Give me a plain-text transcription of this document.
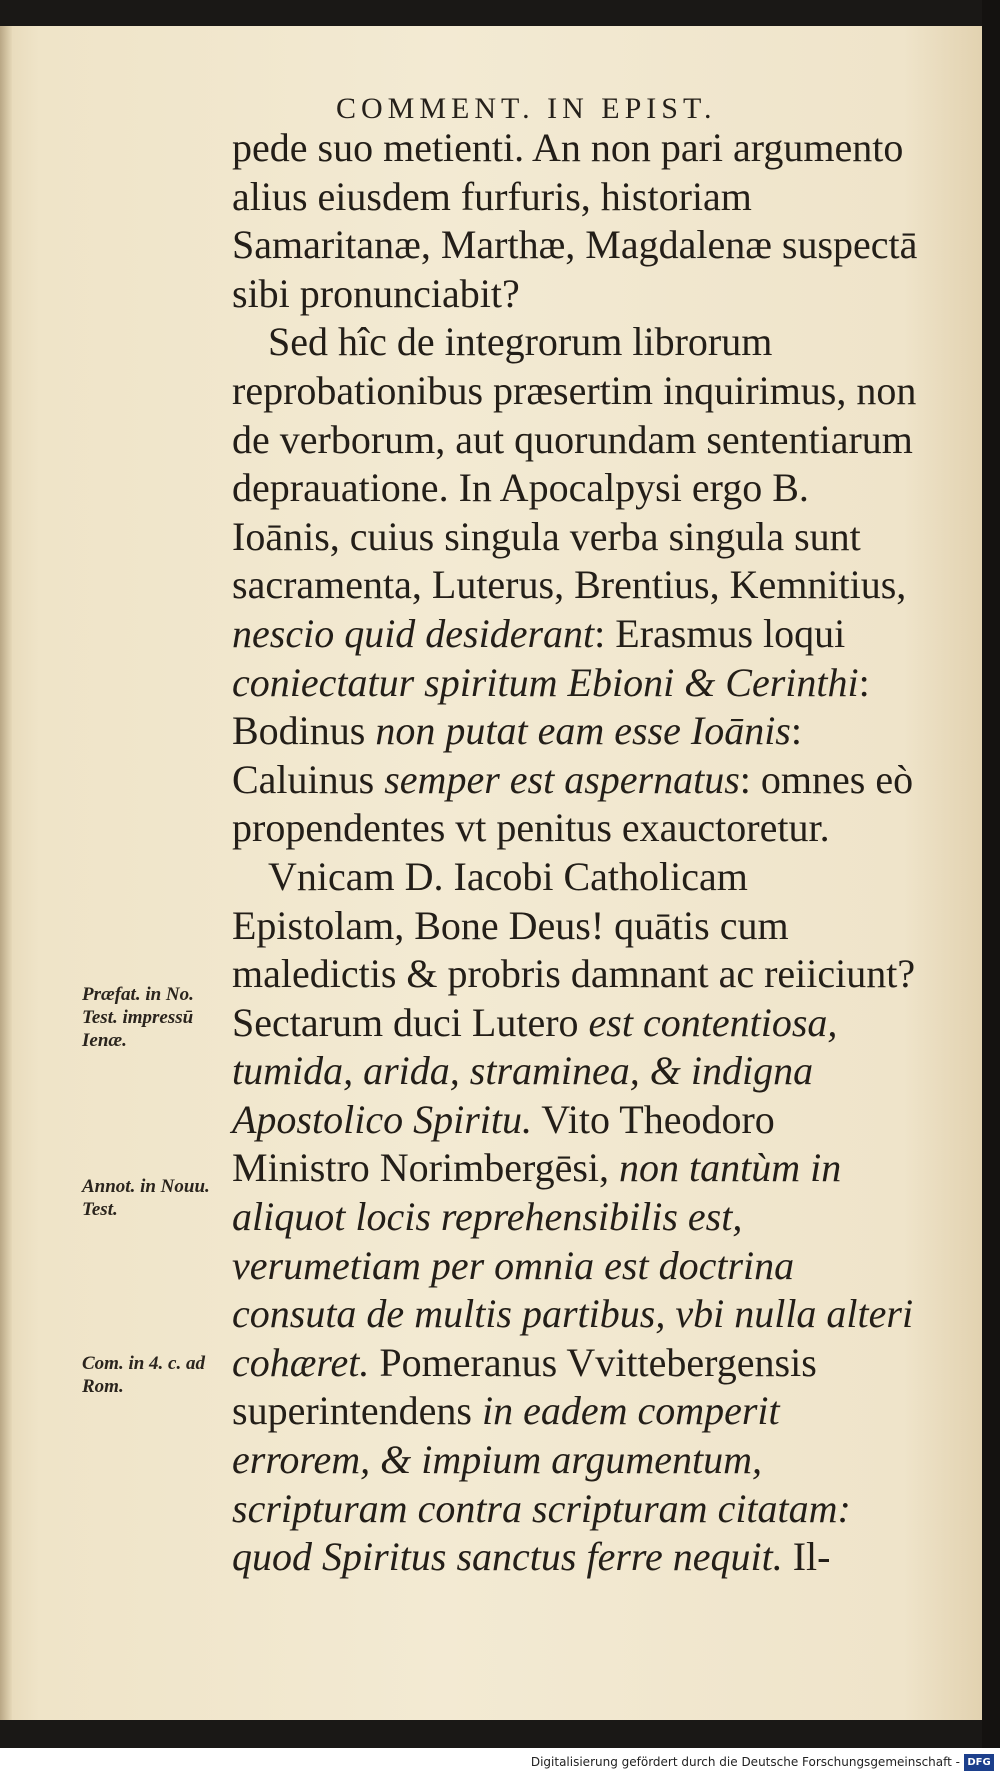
COMMENT. IN EPIST.

pede suo metienti. An non pari argumento alius eiusdem furfuris, historiam Samaritanæ, Marthæ, Magdalenæ suspectā sibi pronunciabit?

Sed hîc de integrorum librorum reprobationibus præsertim inquirimus, non de verborum, aut quorundam sententiarum deprauatione. In Apocalpysi ergo B. Ioānis, cuius singula verba singula sunt sacramenta, Luterus, Brentius, Kemnitius, nescio quid desiderant: Erasmus loqui coniectatur spiritum Ebioni & Cerinthi: Bodinus non putat eam esse Ioānis: Caluinus semper est aspernatus: omnes eò propendentes vt penitus exauctoretur.

Vnicam D. Iacobi Catholicam Epistolam, Bone Deus! quātis cum maledictis & probris damnant ac reiiciunt? Sectarum duci Lutero est contentiosa, tumida, arida, straminea, & indigna Apostolico Spiritu. Vito Theodoro Ministro Norimbergēsi, non tantùm in aliquot locis reprehensibilis est, verumetiam per omnia est doctrina consuta de multis partibus, vbi nulla alteri cohæret. Pomeranus Vvittebergensis superintendens in eadem comperit errorem, & impium argumentum, scripturam contra scripturam citatam: quod Spiritus sanctus ferre nequit. Il-

Præfat. in No. Test. impressū Ienæ.
Annot. in Nouu. Test.
Com. in 4. c. ad Rom.
Digitalisierung gefördert durch die Deutsche Forschungsgemeinschaft - DFG
